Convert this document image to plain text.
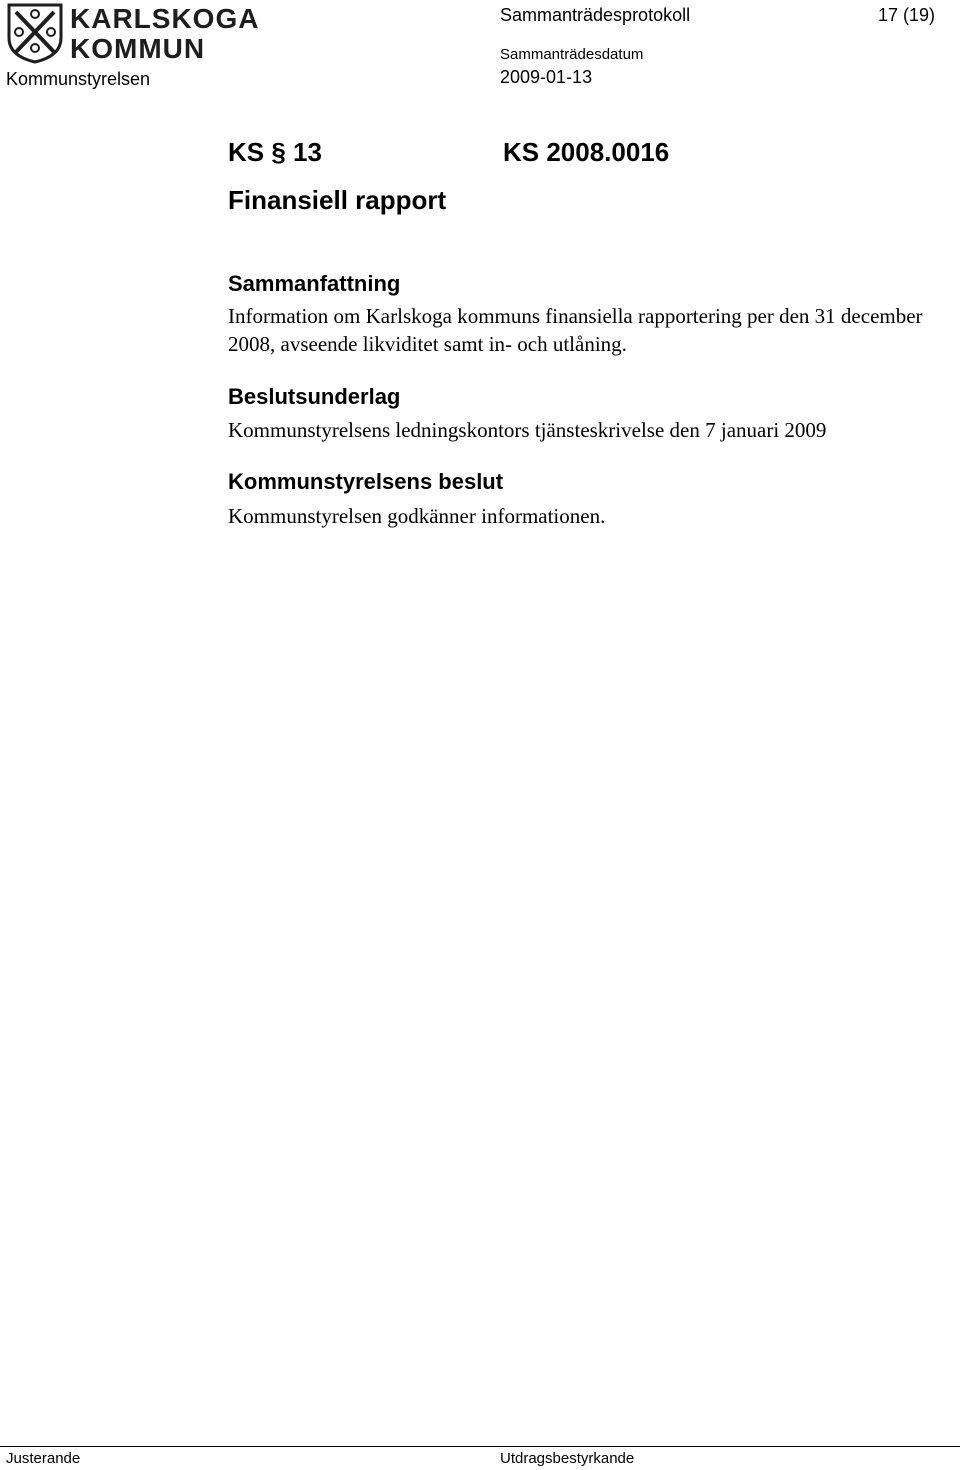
KARLSKOGA
KOMMUN
Kommunstyrelsen
Sammanträdesprotokoll	17 (19)
Sammanträdesdatum
2009-01-13
KS § 13	KS 2008.0016
Finansiell rapport
Sammanfattning

Information om Karlskoga kommuns finansiella rapportering per den 31 december 2008, avseende likviditet samt in- och utlåning.

Beslutsunderlag

Kommunstyrelsens ledningskontors tjänsteskrivelse den 7 januari 2009

Kommunstyrelsens beslut

Kommunstyrelsen godkänner informationen.

Justerande	Utdragsbestyrkande
